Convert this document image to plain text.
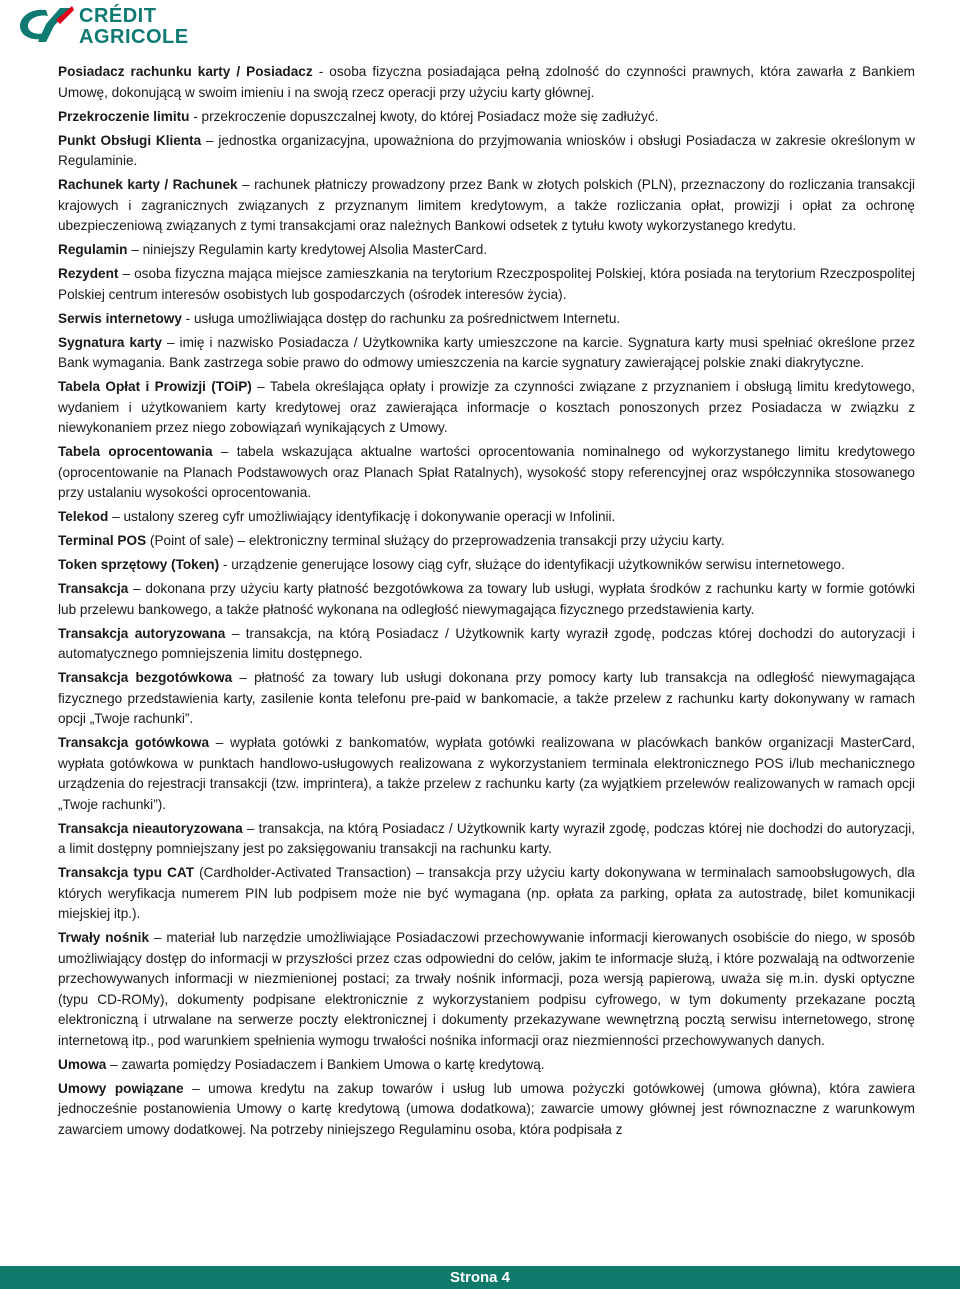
CRÉDIT
AGRICOLE

Posiadacz rachunku karty / Posiadacz - osoba fizyczna posiadająca pełną zdolność do czynności prawnych, która zawarła z Bankiem Umowę, dokonującą w swoim imieniu i na swoją rzecz operacji przy użyciu karty głównej.

Przekroczenie limitu - przekroczenie dopuszczalnej kwoty, do której Posiadacz może się zadłużyć.

Punkt Obsługi Klienta – jednostka organizacyjna, upoważniona do przyjmowania wniosków i obsługi Posiadacza w zakresie określonym w Regulaminie.

Rachunek karty / Rachunek – rachunek płatniczy prowadzony przez Bank w złotych polskich (PLN), przeznaczony do rozliczania transakcji krajowych i zagranicznych związanych z przyznanym limitem kredytowym, a także rozliczania opłat, prowizji i opłat za ochronę ubezpieczeniową związanych z tymi transakcjami oraz należnych Bankowi odsetek z tytułu kwoty wykorzystanego kredytu.

Regulamin – niniejszy Regulamin karty kredytowej Alsolia MasterCard.

Rezydent – osoba fizyczna mająca miejsce zamieszkania na terytorium Rzeczpospolitej Polskiej, która posiada na terytorium Rzeczpospolitej Polskiej centrum interesów osobistych lub gospodarczych (ośrodek interesów życia).

Serwis internetowy - usługa umożliwiająca dostęp do rachunku za pośrednictwem Internetu.

Sygnatura karty – imię i nazwisko Posiadacza / Użytkownika karty umieszczone na karcie. Sygnatura karty musi spełniać określone przez Bank wymagania. Bank zastrzega sobie prawo do odmowy umieszczenia na karcie sygnatury zawierającej polskie znaki diakrytyczne.

Tabela Opłat i Prowizji (TOiP) – Tabela określająca opłaty i prowizje za czynności związane z przyznaniem i obsługą limitu kredytowego, wydaniem i użytkowaniem karty kredytowej oraz zawierająca informacje o kosztach ponoszonych przez Posiadacza w związku z niewykonaniem przez niego zobowiązań wynikających z Umowy.

Tabela oprocentowania – tabela wskazująca aktualne wartości oprocentowania nominalnego od wykorzystanego limitu kredytowego (oprocentowanie na Planach Podstawowych oraz Planach Spłat Ratalnych), wysokość stopy referencyjnej oraz współczynnika stosowanego przy ustalaniu wysokości oprocentowania.

Telekod – ustalony szereg cyfr umożliwiający identyfikację i dokonywanie operacji w Infolinii.

Terminal POS (Point of sale) – elektroniczny terminal służący do przeprowadzenia transakcji przy użyciu karty.

Token sprzętowy (Token) - urządzenie generujące losowy ciąg cyfr, służące do identyfikacji użytkowników serwisu internetowego.

Transakcja – dokonana przy użyciu karty płatność bezgotówkowa za towary lub usługi, wypłata środków z rachunku karty w formie gotówki lub przelewu bankowego, a także płatność wykonana na odległość niewymagająca fizycznego przedstawienia karty.

Transakcja autoryzowana – transakcja, na którą Posiadacz / Użytkownik karty wyraził zgodę, podczas której dochodzi do autoryzacji i automatycznego pomniejszenia limitu dostępnego.

Transakcja bezgotówkowa – płatność za towary lub usługi dokonana przy pomocy karty lub transakcja na odległość niewymagająca fizycznego przedstawienia karty, zasilenie konta telefonu pre-paid w bankomacie, a także przelew z rachunku karty dokonywany w ramach opcji „Twoje rachunki”.

Transakcja gotówkowa – wypłata gotówki z bankomatów, wypłata gotówki realizowana w placówkach banków organizacji MasterCard, wypłata gotówkowa w punktach handlowo-usługowych realizowana z wykorzystaniem terminala elektronicznego POS i/lub mechanicznego urządzenia do rejestracji transakcji (tzw. imprintera), a także przelew z rachunku karty (za wyjątkiem przelewów realizowanych w ramach opcji „Twoje rachunki”).

Transakcja nieautoryzowana – transakcja, na którą Posiadacz / Użytkownik karty wyraził zgodę, podczas której nie dochodzi do autoryzacji, a limit dostępny pomniejszany jest po zaksięgowaniu transakcji na rachunku karty.

Transakcja typu CAT (Cardholder-Activated Transaction) – transakcja przy użyciu karty dokonywana w terminalach samoobsługowych, dla których weryfikacja numerem PIN lub podpisem może nie być wymagana (np. opłata za parking, opłata za autostradę, bilet komunikacji miejskiej itp.).

Trwały nośnik – materiał lub narzędzie umożliwiające Posiadaczowi przechowywanie informacji kierowanych osobiście do niego, w sposób umożliwiający dostęp do informacji w przyszłości przez czas odpowiedni do celów, jakim te informacje służą, i które pozwalają na odtworzenie przechowywanych informacji w niezmienionej postaci; za trwały nośnik informacji, poza wersją papierową, uważa się m.in. dyski optyczne (typu CD-ROMy), dokumenty podpisane elektronicznie z wykorzystaniem podpisu cyfrowego, w tym dokumenty przekazane pocztą elektroniczną i utrwalane na serwerze poczty elektronicznej i dokumenty przekazywane wewnętrzną pocztą serwisu internetowego, stronę internetową itp., pod warunkiem spełnienia wymogu trwałości nośnika informacji oraz niezmienności przechowywanych danych.

Umowa – zawarta pomiędzy Posiadaczem i Bankiem Umowa o kartę kredytową.

Umowy powiązane – umowa kredytu na zakup towarów i usług lub umowa pożyczki gotówkowej (umowa główna), która zawiera jednocześnie postanowienia Umowy o kartę kredytową (umowa dodatkowa); zawarcie umowy głównej jest równoznaczne z warunkowym zawarciem umowy dodatkowej. Na potrzeby niniejszego Regulaminu osoba, która podpisała z

Strona 4
